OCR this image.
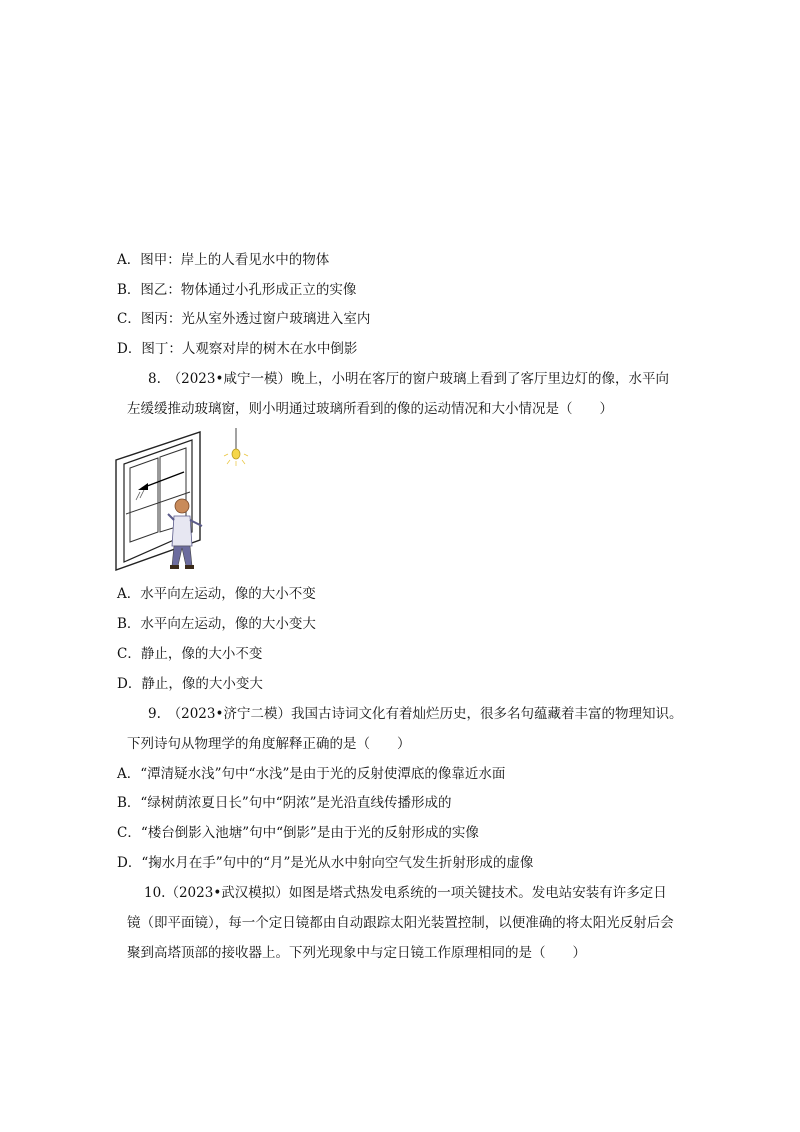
A．图甲：岸上的人看见水中的物体
B．图乙：物体通过小孔形成正立的实像
C．图丙：光从室外透过窗户玻璃进入室内
D．图丁：人观察对岸的树木在水中倒影
8.　（2023•咸宁一模）晚上，小明在客厅的窗户玻璃上看到了客厅里边灯的像，水平向
左缓缓推动玻璃窗，则小明通过玻璃所看到的像的运动情况和大小情况是（　　）
A．水平向左运动，像的大小不变
B．水平向左运动，像的大小变大
C．静止，像的大小不变
D．静止，像的大小变大
9.　（2023•济宁二模）我国古诗词文化有着灿烂历史，很多名句蕴藏着丰富的物理知识。
下列诗句从物理学的角度解释正确的是（　　）
A．“潭清疑水浅”句中“水浅”是由于光的反射使潭底的像靠近水面
B．“绿树荫浓夏日长”句中“阴浓”是光沿直线传播形成的
C．“楼台倒影入池塘”句中“倒影”是由于光的反射形成的实像
D．“掬水月在手”句中的“月”是光从水中射向空气发生折射形成的虚像
10.（2023•武汉模拟）如图是塔式热发电系统的一项关键技术。发电站安装有许多定日
镜（即平面镜），每一个定日镜都由自动跟踪太阳光装置控制，以便准确的将太阳光反射后会
聚到高塔顶部的接收器上。下列光现象中与定日镜工作原理相同的是（　　）
